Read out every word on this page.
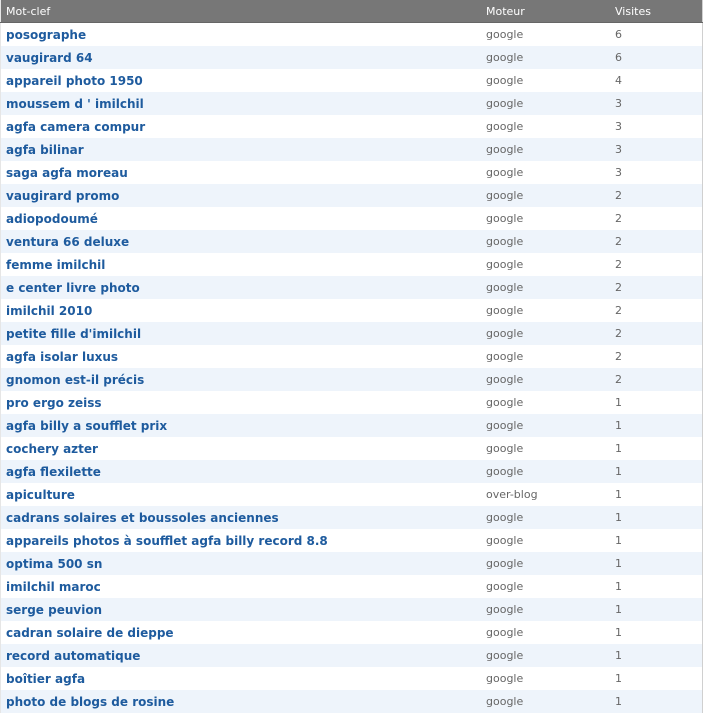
Mot-clef	Moteur	Visites
posographe	google	6
vaugirard 64	google	6
appareil photo 1950	google	4
moussem d ' imilchil	google	3
agfa camera compur	google	3
agfa bilinar	google	3
saga agfa moreau	google	3
vaugirard promo	google	2
adiopodoumé	google	2
ventura 66 deluxe	google	2
femme imilchil	google	2
e center livre photo	google	2
imilchil 2010	google	2
petite fille d'imilchil	google	2
agfa isolar luxus	google	2
gnomon est-il précis	google	2
pro ergo zeiss	google	1
agfa billy a soufflet prix	google	1
cochery azter	google	1
agfa flexilette	google	1
apiculture	over-blog	1
cadrans solaires et boussoles anciennes	google	1
appareils photos à soufflet agfa billy record 8.8	google	1
optima 500 sn	google	1
imilchil maroc	google	1
serge peuvion	google	1
cadran solaire de dieppe	google	1
record automatique	google	1
boîtier agfa	google	1
photo de blogs de rosine	google	1
